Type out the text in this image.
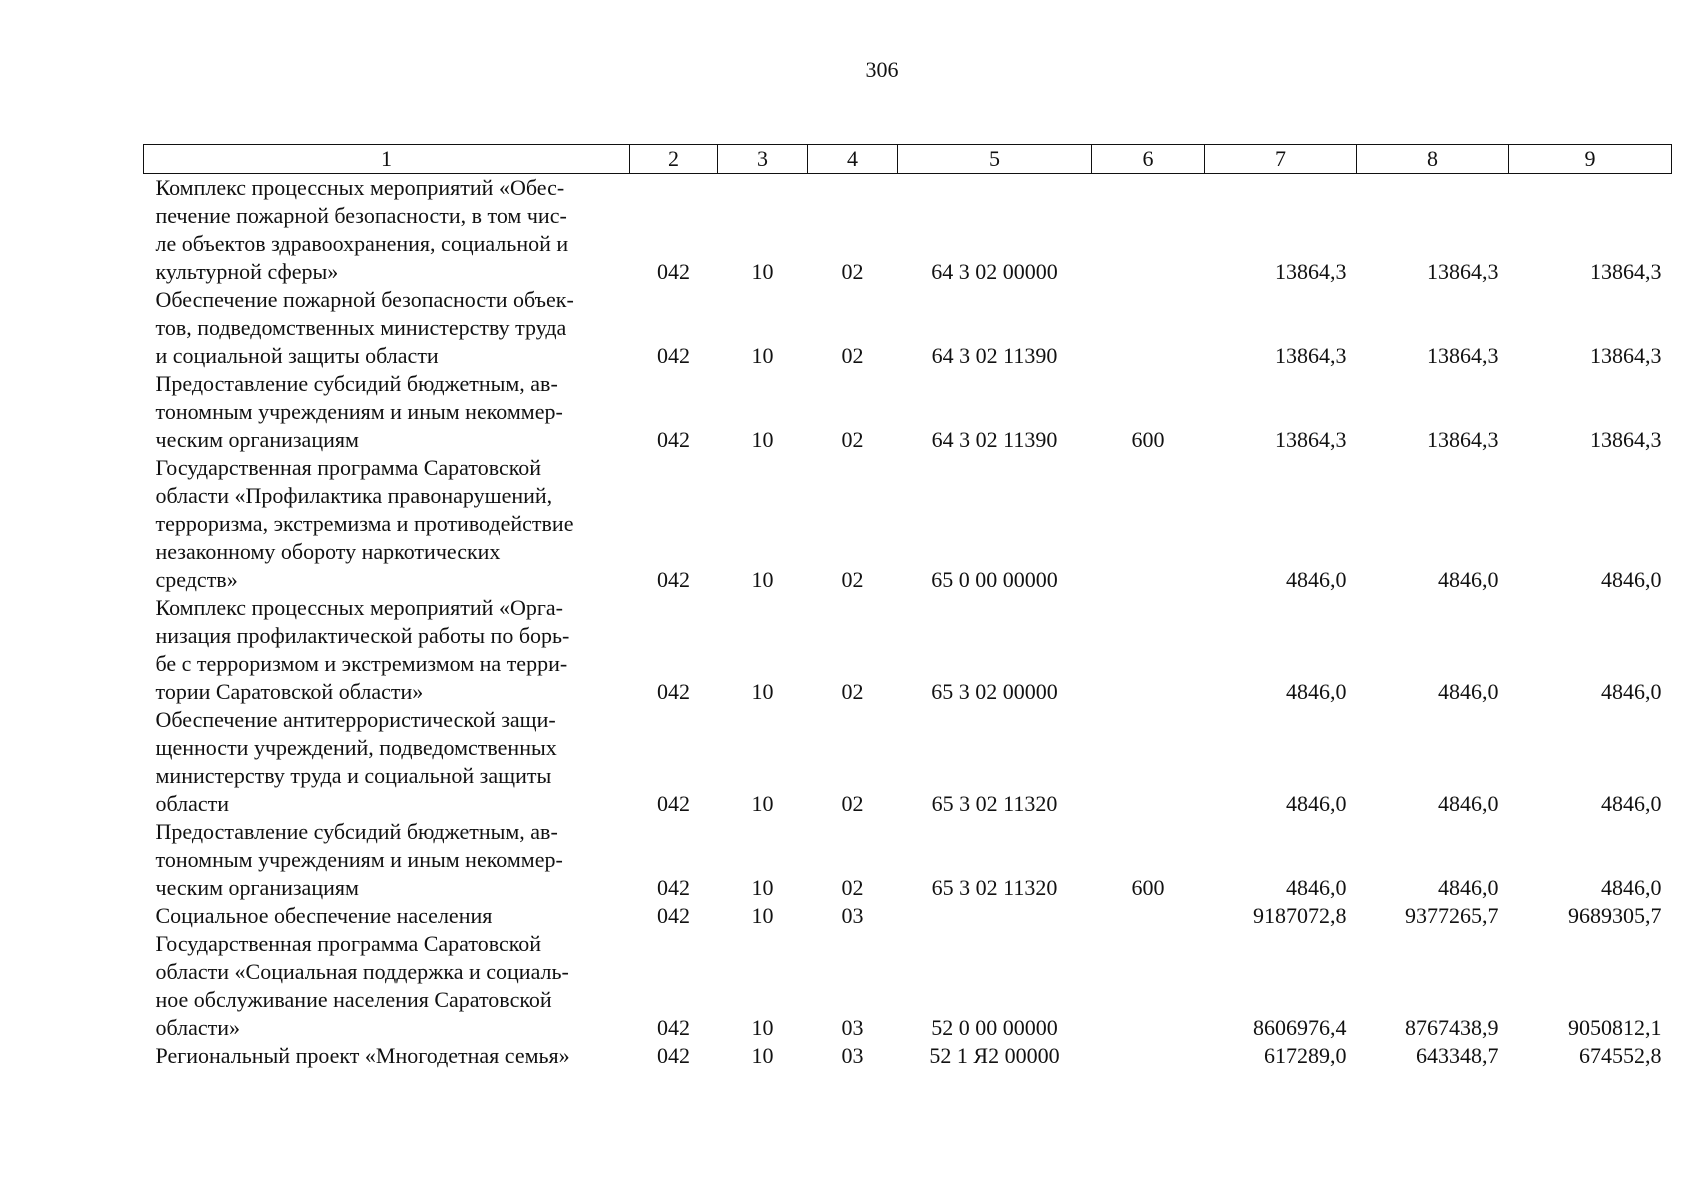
306
1	2	3	4	5	6	7	8	9
Комплекс процессных мероприятий «Обес-
печение пожарной безопасности, в том чис-
ле объектов здравоохранения, социальной и
культурной сферы»	042	10	02	64 3 02 00000		13864,3	13864,3	13864,3
Обеспечение пожарной безопасности объек-
тов, подведомственных министерству труда
и социальной защиты области	042	10	02	64 3 02 11390		13864,3	13864,3	13864,3
Предоставление субсидий бюджетным, ав-
тономным учреждениям и иным некоммер-
ческим организациям	042	10	02	64 3 02 11390	600	13864,3	13864,3	13864,3
Государственная программа Саратовской
области «Профилактика правонарушений,
терроризма, экстремизма и противодействие
незаконному обороту наркотических
средств»	042	10	02	65 0 00 00000		4846,0	4846,0	4846,0
Комплекс процессных мероприятий «Орга-
низация профилактической работы по борь-
бе с терроризмом и экстремизмом на терри-
тории Саратовской области»	042	10	02	65 3 02 00000		4846,0	4846,0	4846,0
Обеспечение антитеррористической защи-
щенности учреждений, подведомственных
министерству труда и социальной защиты
области	042	10	02	65 3 02 11320		4846,0	4846,0	4846,0
Предоставление субсидий бюджетным, ав-
тономным учреждениям и иным некоммер-
ческим организациям	042	10	02	65 3 02 11320	600	4846,0	4846,0	4846,0
Социальное обеспечение населения	042	10	03			9187072,8	9377265,7	9689305,7
Государственная программа Саратовской
области «Социальная поддержка и социаль-
ное обслуживание населения Саратовской
области»	042	10	03	52 0 00 00000		8606976,4	8767438,9	9050812,1
Региональный проект «Многодетная семья»	042	10	03	52 1 Я2 00000		617289,0	643348,7	674552,8
